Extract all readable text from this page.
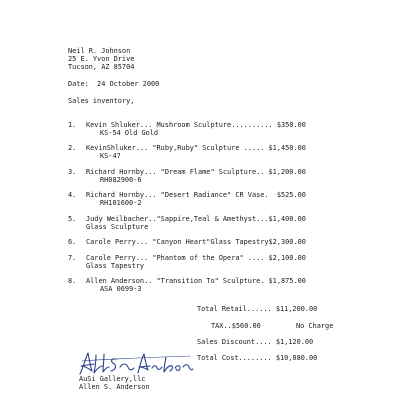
Neil R. Johnson
25 E. Yvon Drive
Tucson, AZ 85704
Date:  24 October 2000
Sales inventory,
1. Kevin Shluker... Mushroom Sculpture.......... $350.00
KS-54 Old Gold
2. KevinShluker... "Ruby,Ruby" Sculpture ..... $1,450.00
KS-47
3. Richard Hornby... "Dream Flame" Sculpture.. $1,200.00
RH082900-6
4. Richard Hornby... "Desert Radiance" CR Vase.  $525.00
RH101600-2
5. Judy Weilbacher.."Sappire,Teal & Amethyst...$1,400.00
Glass Sculpture
6. Carole Perry... "Canyon Heart"Glass Tapestry$2,300.00
7. Carole Perry... "Phantom of the Opera" .... $2,100.00
Glass Tapestry
8. Allen Anderson.. "Transition To" Sculpture. $1,875.00
ASA 0699-3
Total Retail...... $11,200.00
TAX..$560.00	No Charge
Sales Discount.... $1,120.00
Total Cost........ $10,080.00
AuSi Gallery,llc
Allen S. Anderson
